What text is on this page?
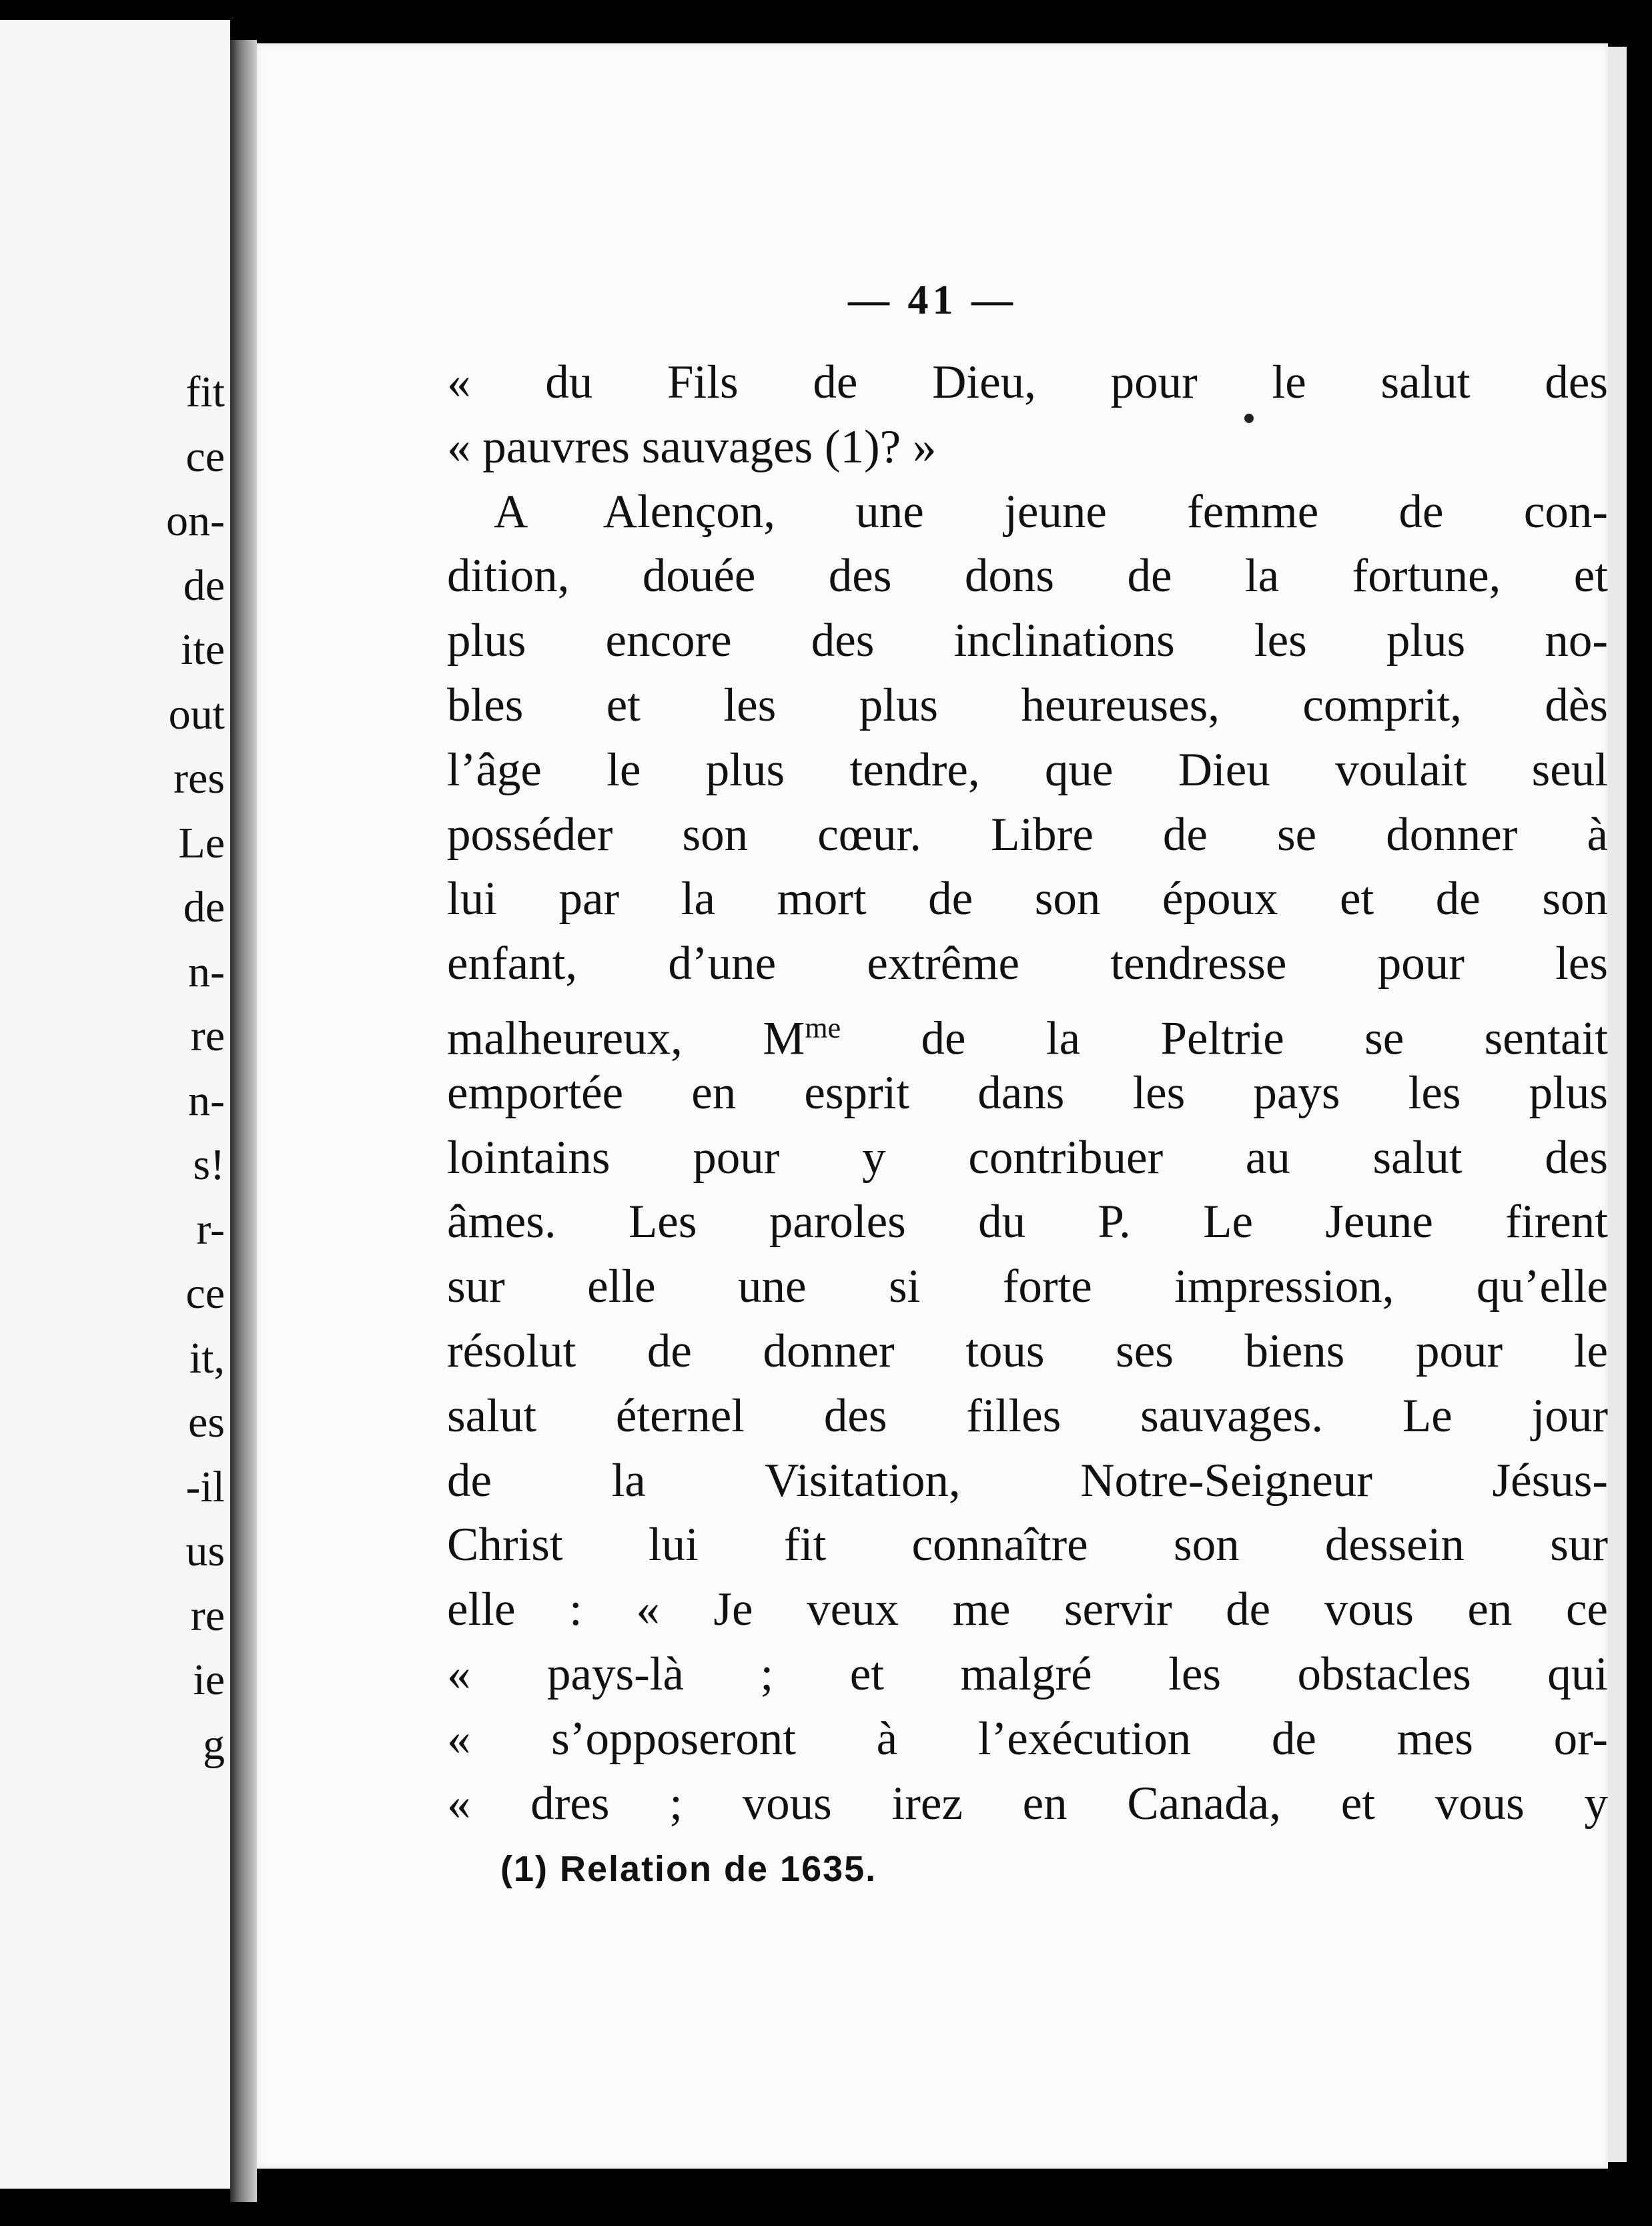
fit
ce
on-
de
ite
out
res
Le
de
n-
re
n-
s!
r-
ce
it,
es
-il
us
re
ie
g
— 41 —
« du Fils de Dieu, pour le salut des
« pauvres sauvages (1)? »
A Alençon, une jeune femme de con-
dition, douée des dons de la fortune, et
plus encore des inclinations les plus no-
bles et les plus heureuses, comprit, dès
l’âge le plus tendre, que Dieu voulait seul
posséder son cœur. Libre de se donner à
lui par la mort de son époux et de son
enfant, d’une extrême tendresse pour les
malheureux, $M^{me}$ de la Peltrie se sentait
emportée en esprit dans les pays les plus
lointains pour y contribuer au salut des
âmes. Les paroles du P. Le Jeune firent
sur elle une si forte impression, qu’elle
résolut de donner tous ses biens pour le
salut éternel des filles sauvages. Le jour
de la Visitation, Notre-Seigneur Jésus-
Christ lui fit connaître son dessein sur
elle : « Je veux me servir de vous en ce
« pays-là ; et malgré les obstacles qui
« s’opposeront à l’exécution de mes or-
« dres ; vous irez en Canada, et vous y
(1) Relation de 1635.
